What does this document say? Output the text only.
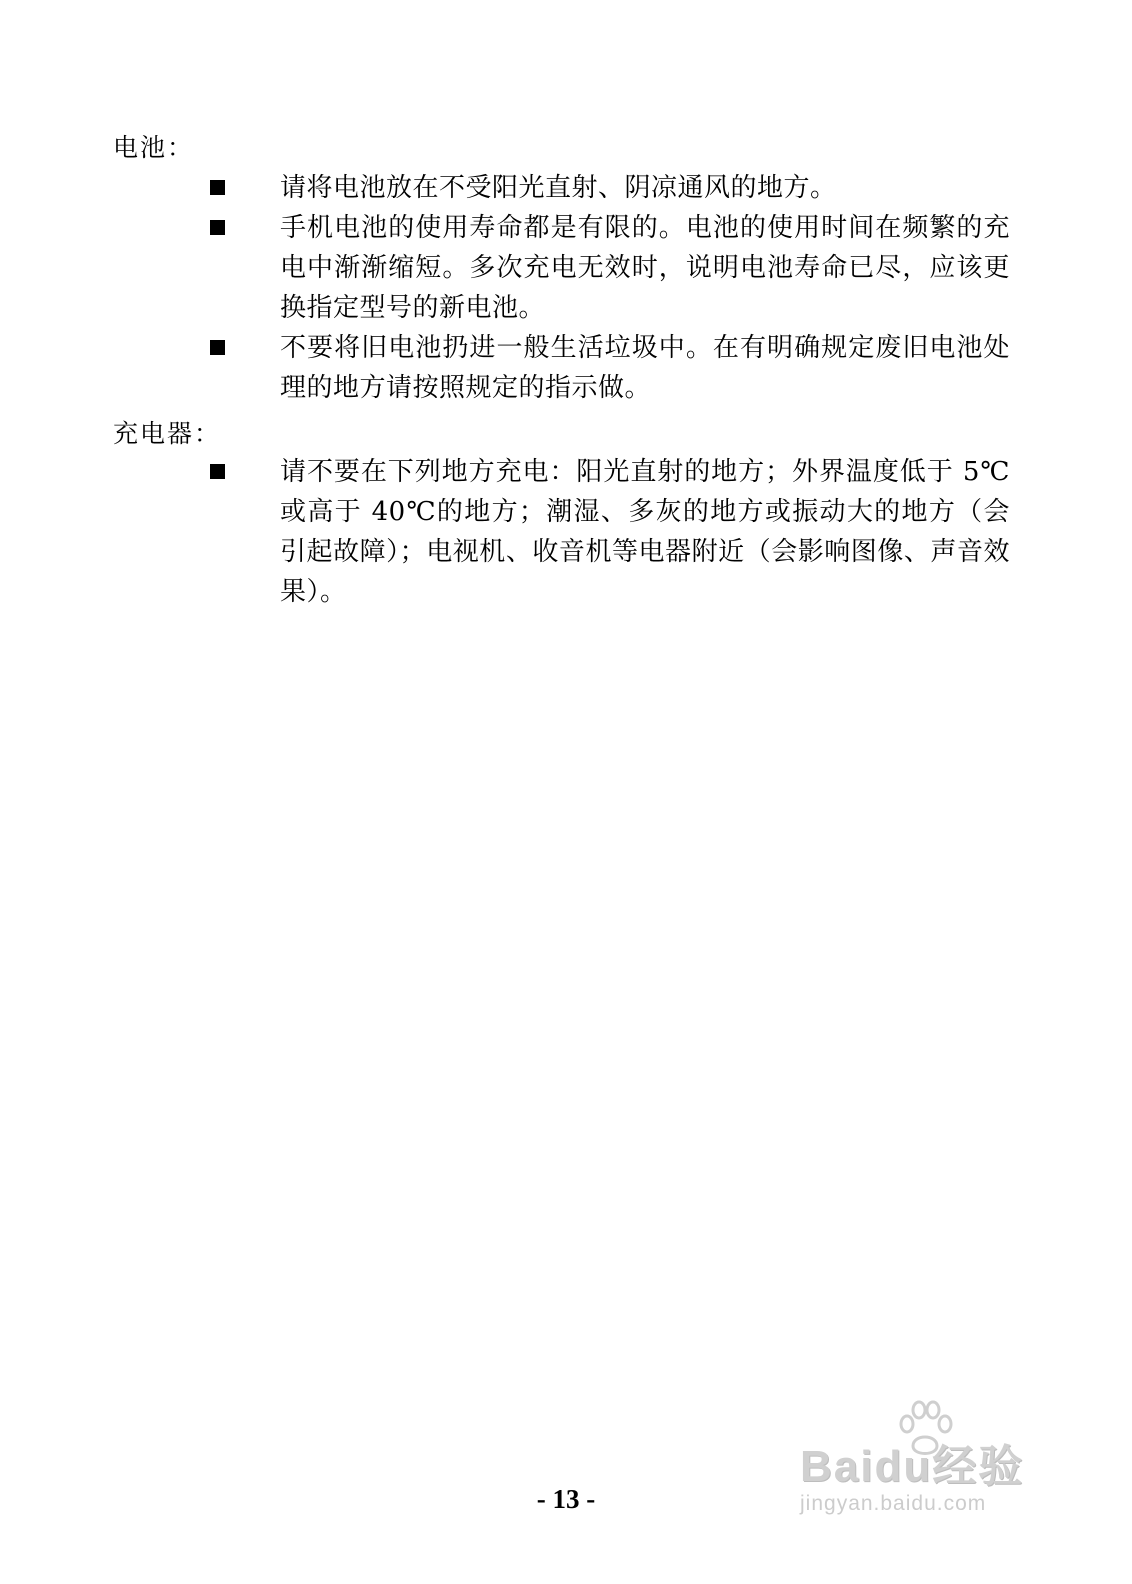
电池：
请将电池放在不受阳光直射、阴凉通风的地方。
手机电池的使用寿命都是有限的。电池的使用时间在频繁的充电中渐渐缩短。多次充电无效时，说明电池寿命已尽，应该更换指定型号的新电池。
不要将旧电池扔进一般生活垃圾中。在有明确规定废旧电池处理的地方请按照规定的指示做。
充电器：
请不要在下列地方充电：阳光直射的地方；外界温度低于 5℃或高于 40℃的地方；潮湿、多灰的地方或振动大的地方（会引起故障）；电视机、收音机等电器附近（会影响图像、声音效果）。
- 13 -
Baidu经验
jingyan.baidu.com
